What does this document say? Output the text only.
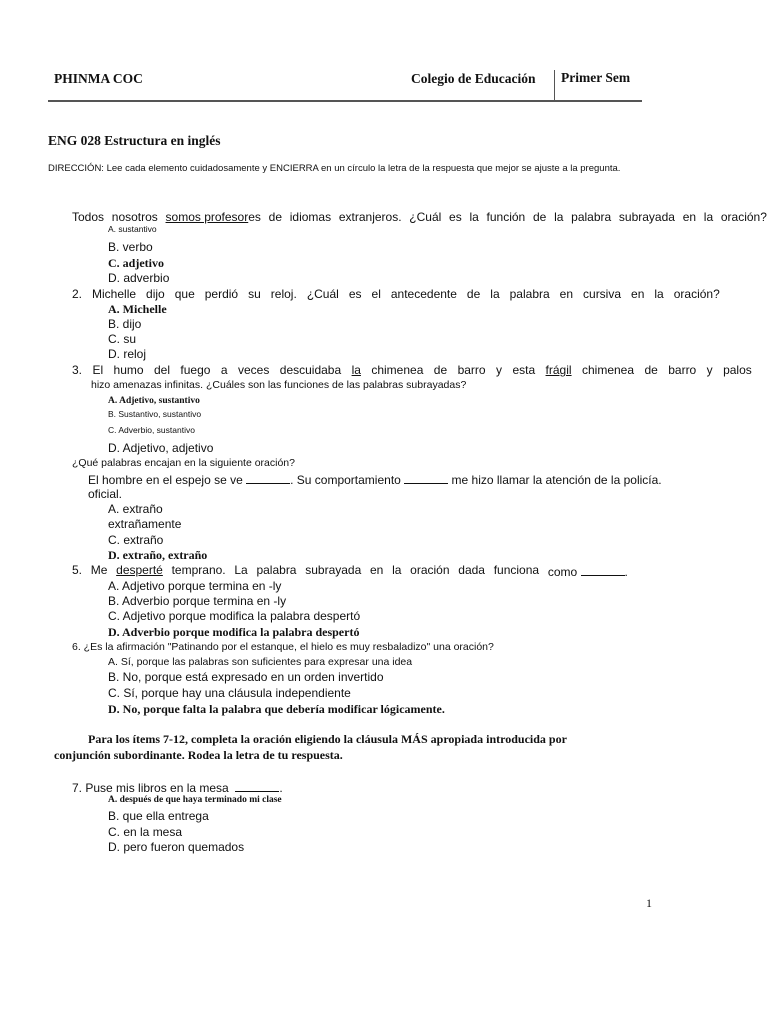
PHINMA COC	Colegio de Educación Primer Sem
ENG 028 Estructura en inglés
DIRECCIÓN: Lee cada elemento cuidadosamente y ENCIERRA en un círculo la letra de la respuesta que mejor se ajuste a la pregunta.
Todos nosotros somos profesores de idiomas extranjeros. ¿Cuál es la función de la palabra subrayada en la oración?
A. sustantivo
B. verbo
C. adjetivo
D. adverbio
2. Michelle dijo que perdió su reloj. ¿Cuál es el antecedente de la palabra en cursiva en la oración?
A. Michelle
B. dijo
C. su
D. reloj
3. El humo del fuego a veces descuidaba la chimenea de barro y esta frágil chimenea de barro y palos
hizo amenazas infinitas. ¿Cuáles son las funciones de las palabras subrayadas?
A. Adjetivo, sustantivo
B. Sustantivo, sustantivo
C. Adverbio, sustantivo
D. Adjetivo, adjetivo
¿Qué palabras encajan en la siguiente oración?
El hombre en el espejo se ve	. Su comportamiento	me hizo llamar la atención de la policía.
oficial.
A. extraño
extrañamente
C. extraño
D. extraño, extraño
5. Me desperté temprano. La palabra subrayada en la oración dada funciona como	.
A. Adjetivo porque termina en -ly
B. Adverbio porque termina en -ly
C. Adjetivo porque modifica la palabra despertó
D. Adverbio porque modifica la palabra despertó
6. ¿Es la afirmación "Patinando por el estanque, el hielo es muy resbaladizo" una oración?
A. Sí, porque las palabras son suficientes para expresar una idea
B. No, porque está expresado en un orden invertido
C. Sí, porque hay una cláusula independiente
D. No, porque falta la palabra que debería modificar lógicamente.
Para los ítems 7-12, completa la oración eligiendo la cláusula MÁS apropiada introducida por
conjunción subordinante. Rodea la letra de tu respuesta.
7. Puse mis libros en la mesa	.
A. después de que haya terminado mi clase
B. que ella entrega
C. en la mesa
D. pero fueron quemados
1
